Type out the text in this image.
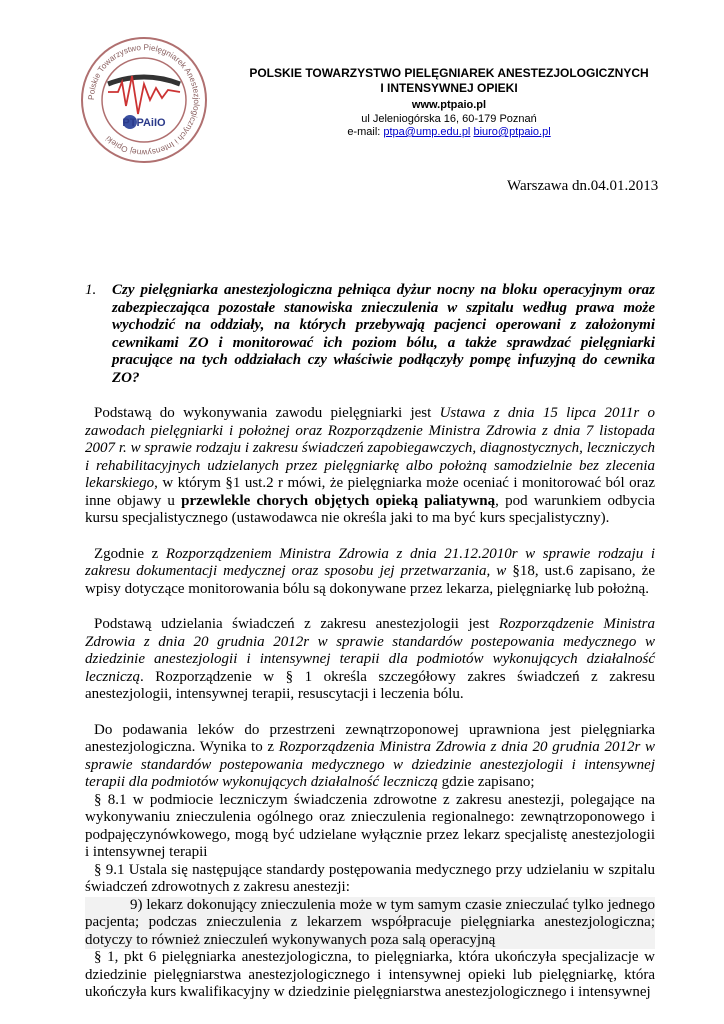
Polskie Towarzystwo Pielęgniarek Anestezjologicznych i Intensywnej Opieki
PTPAiIO
POLSKIE TOWARZYSTWO PIELĘGNIAREK ANESTEZJOLOGICZNYCH
I INTENSYWNEJ OPIEKI
www.ptpaio.pl
ul Jeleniogórska 16, 60-179 Poznań
e-mail: ptpa@ump.edu.pl biuro@ptpaio.pl
Warszawa dn.04.01.2013

1.	Czy pielęgniarka anestezjologiczna pełniąca dyżur nocny na bloku operacyjnym oraz zabezpieczająca pozostałe stanowiska znieczulenia w szpitalu według prawa może wychodzić na oddziały, na których przebywają pacjenci operowani z założonymi cewnikami ZO i monitorować ich poziom bólu, a także sprawdzać pielęgniarki pracujące na tych oddziałach czy właściwie podłączyły pompę infuzyjną do cewnika ZO?

Podstawą do wykonywania zawodu pielęgniarki jest Ustawa z dnia 15 lipca 2011r o zawodach pielęgniarki i położnej oraz Rozporządzenie Ministra Zdrowia z dnia 7 listopada 2007 r. w sprawie rodzaju i zakresu świadczeń zapobiegawczych, diagnostycznych, leczniczych i rehabilitacyjnych udzielanych przez pielęgniarkę albo położną samodzielnie bez zlecenia lekarskiego, w którym §1 ust.2 r mówi, że pielęgniarka może oceniać i monitorować ból oraz inne objawy u przewlekle chorych objętych opieką paliatywną, pod warunkiem odbycia kursu specjalistycznego (ustawodawca nie określa jaki to ma być kurs specjalistyczny).

Zgodnie z Rozporządzeniem Ministra Zdrowia z dnia 21.12.2010r w sprawie rodzaju i zakresu dokumentacji medycznej oraz sposobu jej przetwarzania, w §18, ust.6 zapisano, że wpisy dotyczące monitorowania bólu są dokonywane przez lekarza, pielęgniarkę lub położną.

Podstawą udzielania świadczeń z zakresu anestezjologii jest Rozporządzenie Ministra Zdrowia z dnia 20 grudnia 2012r w sprawie standardów postepowania medycznego w dziedzinie anestezjologii i intensywnej terapii dla podmiotów wykonujących działalność leczniczą. Rozporządzenie w § 1 określa szczegółowy zakres świadczeń z zakresu anestezjologii, intensywnej terapii, resuscytacji i leczenia bólu.

Do podawania leków do przestrzeni zewnątrzoponowej uprawniona jest pielęgniarka anestezjologiczna. Wynika to z Rozporządzenia Ministra Zdrowia z dnia 20 grudnia 2012r w sprawie standardów postepowania medycznego w dziedzinie anestezjologii i intensywnej terapii dla podmiotów wykonujących działalność leczniczą gdzie zapisano;

§ 8.1 w podmiocie leczniczym świadczenia zdrowotne z zakresu anestezji, polegające na wykonywaniu znieczulenia ogólnego oraz znieczulenia regionalnego: zewnątrzoponowego i podpajęczynówkowego, mogą być udzielane wyłącznie przez lekarz specjalistę anestezjologii i intensywnej terapii

§ 9.1 Ustala się następujące standardy postępowania medycznego przy udzielaniu w szpitalu świadczeń zdrowotnych z zakresu anestezji:

9) lekarz dokonujący znieczulenia może w tym samym czasie znieczulać tylko jednego pacjenta; podczas znieczulenia z lekarzem współpracuje pielęgniarka anestezjologiczna; dotyczy to również znieczuleń wykonywanych poza salą operacyjną

§ 1, pkt 6 pielęgniarka anestezjologiczna, to pielęgniarka, która ukończyła specjalizacje w dziedzinie pielęgniarstwa anestezjologicznego i intensywnej opieki lub pielęgniarkę, która ukończyła kurs kwalifikacyjny w dziedzinie pielęgniarstwa anestezjologicznego i intensywnej
